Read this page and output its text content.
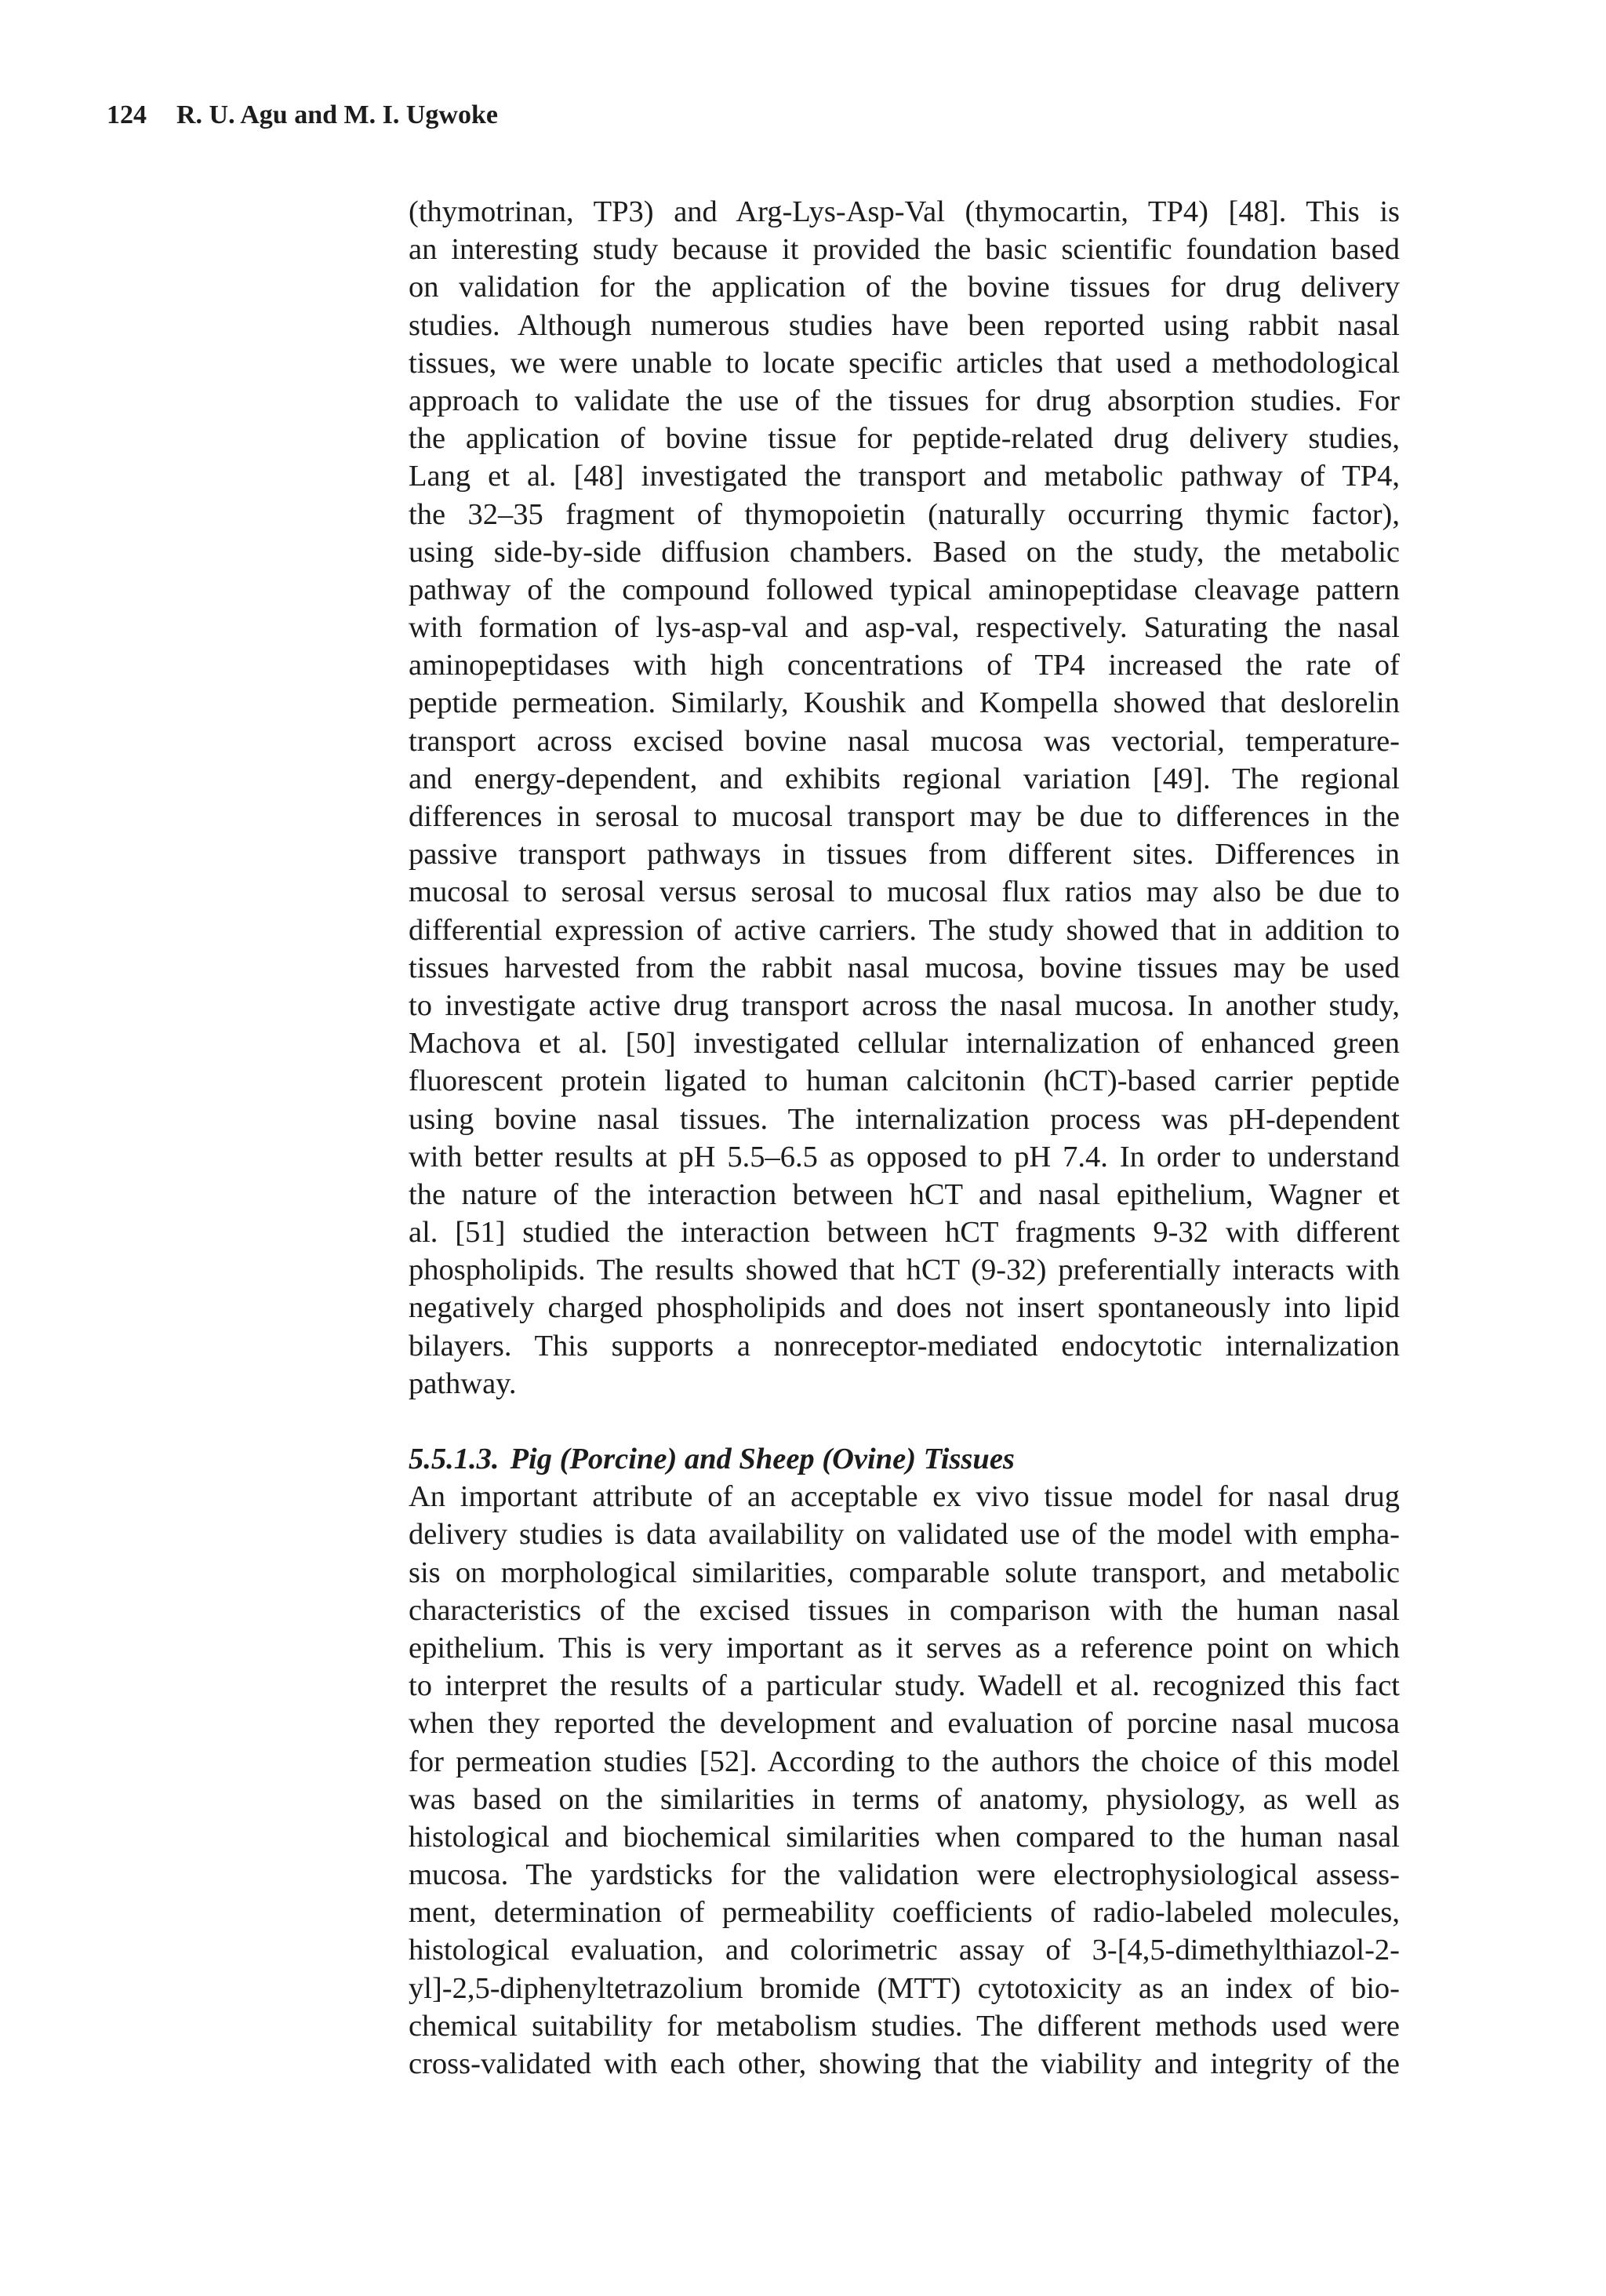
124 R. U. Agu and M. I. Ugwoke
(thymotrinan, TP3) and Arg-Lys-Asp-Val (thymocartin, TP4) [48]. This is
an interesting study because it provided the basic scientific foundation based
on validation for the application of the bovine tissues for drug delivery
studies. Although numerous studies have been reported using rabbit nasal
tissues, we were unable to locate specific articles that used a methodological
approach to validate the use of the tissues for drug absorption studies. For
the application of bovine tissue for peptide-related drug delivery studies,
Lang et al. [48] investigated the transport and metabolic pathway of TP4,
the 32–35 fragment of thymopoietin (naturally occurring thymic factor),
using side-by-side diffusion chambers. Based on the study, the metabolic
pathway of the compound followed typical aminopeptidase cleavage pattern
with formation of lys-asp-val and asp-val, respectively. Saturating the nasal
aminopeptidases with high concentrations of TP4 increased the rate of
peptide permeation. Similarly, Koushik and Kompella showed that deslorelin
transport across excised bovine nasal mucosa was vectorial, temperature-
and energy-dependent, and exhibits regional variation [49]. The regional
differences in serosal to mucosal transport may be due to differences in the
passive transport pathways in tissues from different sites. Differences in
mucosal to serosal versus serosal to mucosal flux ratios may also be due to
differential expression of active carriers. The study showed that in addition to
tissues harvested from the rabbit nasal mucosa, bovine tissues may be used
to investigate active drug transport across the nasal mucosa. In another study,
Machova et al. [50] investigated cellular internalization of enhanced green
fluorescent protein ligated to human calcitonin (hCT)-based carrier peptide
using bovine nasal tissues. The internalization process was pH-dependent
with better results at pH 5.5–6.5 as opposed to pH 7.4. In order to understand
the nature of the interaction between hCT and nasal epithelium, Wagner et
al. [51] studied the interaction between hCT fragments 9-32 with different
phospholipids. The results showed that hCT (9-32) preferentially interacts with
negatively charged phospholipids and does not insert spontaneously into lipid
bilayers. This supports a nonreceptor-mediated endocytotic internalization
pathway.
5.5.1.3. Pig (Porcine) and Sheep (Ovine) Tissues
An important attribute of an acceptable ex vivo tissue model for nasal drug
delivery studies is data availability on validated use of the model with empha-
sis on morphological similarities, comparable solute transport, and metabolic
characteristics of the excised tissues in comparison with the human nasal
epithelium. This is very important as it serves as a reference point on which
to interpret the results of a particular study. Wadell et al. recognized this fact
when they reported the development and evaluation of porcine nasal mucosa
for permeation studies [52]. According to the authors the choice of this model
was based on the similarities in terms of anatomy, physiology, as well as
histological and biochemical similarities when compared to the human nasal
mucosa. The yardsticks for the validation were electrophysiological assess-
ment, determination of permeability coefficients of radio-labeled molecules,
histological evaluation, and colorimetric assay of 3-[4,5-dimethylthiazol-2-
yl]-2,5-diphenyltetrazolium bromide (MTT) cytotoxicity as an index of bio-
chemical suitability for metabolism studies. The different methods used were
cross-validated with each other, showing that the viability and integrity of the
